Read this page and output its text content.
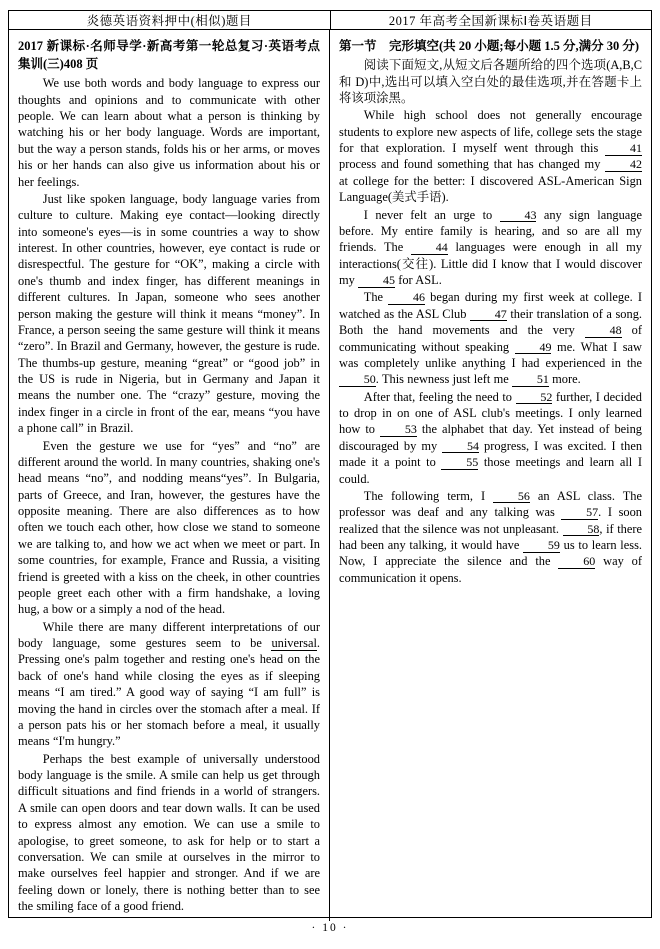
炎德英语资料押中(相似)题目	2017 年高考全国新课标Ⅰ卷英语题目
2017 新课标·名师导学·新高考第一轮总复习·英语考点集训(三)408 页

We use both words and body language to express our thoughts and opinions and to communicate with other people. We can learn about what a person is thinking by watching his or her body language. Words are important, but the way a person stands, folds his or her arms, or moves his or her hands can also give us information about his or her feelings.

Just like spoken language, body language varies from culture to culture. Making eye contact—looking directly into someone's eyes—is in some countries a way to show interest. In other countries, however, eye contact is rude or disrespectful. The gesture for “OK”, making a circle with one's thumb and index finger, has different meanings in different cultures. In Japan, someone who sees another person making the gesture will think it means “money”. In France, a person seeing the same gesture will think it means “zero”. In Brazil and Germany, however, the gesture is rude. The thumbs-up gesture, meaning “great” or “good job” in the US is rude in Nigeria, but in Germany and Japan it means the number one. The “crazy” gesture, moving the index finger in a circle in front of the ear, means “you have a phone call” in Brazil.

Even the gesture we use for “yes” and “no” are different around the world. In many countries, shaking one's head means “no”, and nodding means“yes”. In Bulgaria, parts of Greece, and Iran, however, the gestures have the opposite meaning. There are also differences as to how often we touch each other, how close we stand to someone we are talking to, and how we act when we meet or part. In some countries, for example, France and Russia, a visiting friend is greeted with a kiss on the cheek, in other countries people greet each other with a firm handshake, a loving hug, a bow or a simply a nod of the head.

While there are many different interpretations of our body language, some gestures seem to be universal. Pressing one's palm together and resting one's head on the back of one's hand while closing the eyes as if sleeping means “I am tired.” A good way of saying “I am full” is moving the hand in circles over the stomach after a meal. If a person pats his or her stomach before a meal, it usually means “I'm hungry.”

Perhaps the best example of universally understood body language is the smile. A smile can help us get through difficult situations and find friends in a world of strangers. A smile can open doors and tear down walls. It can be used to express almost any emotion. We can use a smile to apologise, to greet someone, to ask for help or to start a conversation. We can smile at ourselves in the mirror to make ourselves feel happier and stronger. And if we are feeling down or lonely, there is nothing better than to see the smiling face of a good friend.

第一节　完形填空(共 20 小题;每小题 1.5 分,满分 30 分)

阅读下面短文,从短文后各题所给的四个选项(A,B,C 和 D)中,选出可以填入空白处的最佳选项,并在答题卡上将该项涂黑。

While high school does not generally encourage students to explore new aspects of life, college sets the stage for that exploration. I myself went through this 41 process and found something that has changed my 42 at college for the better: I discovered ASL-American Sign Language(美式手语).

I never felt an urge to 43 any sign language before. My entire family is hearing, and so are all my friends. The 44 languages were enough in all my interactions(交往). Little did I know that I would discover my 45 for ASL.

The 46 began during my first week at college. I watched as the ASL Club 47 their translation of a song. Both the hand movements and the very 48 of communicating without speaking 49 me. What I saw was completely unlike anything I had experienced in the 50. This newness just left me 51 more.

After that, feeling the need to 52 further, I decided to drop in on one of ASL club's meetings. I only learned how to 53 the alphabet that day. Yet instead of being discouraged by my 54 progress, I was excited. I then made it a point to 55 those meetings and learn all I could.

The following term, I 56 an ASL class. The professor was deaf and any talking was 57. I soon realized that the silence was not unpleasant. 58, if there had been any talking, it would have 59 us to learn less. Now, I appreciate the silence and the 60 way of communication it opens.

· 10 ·
